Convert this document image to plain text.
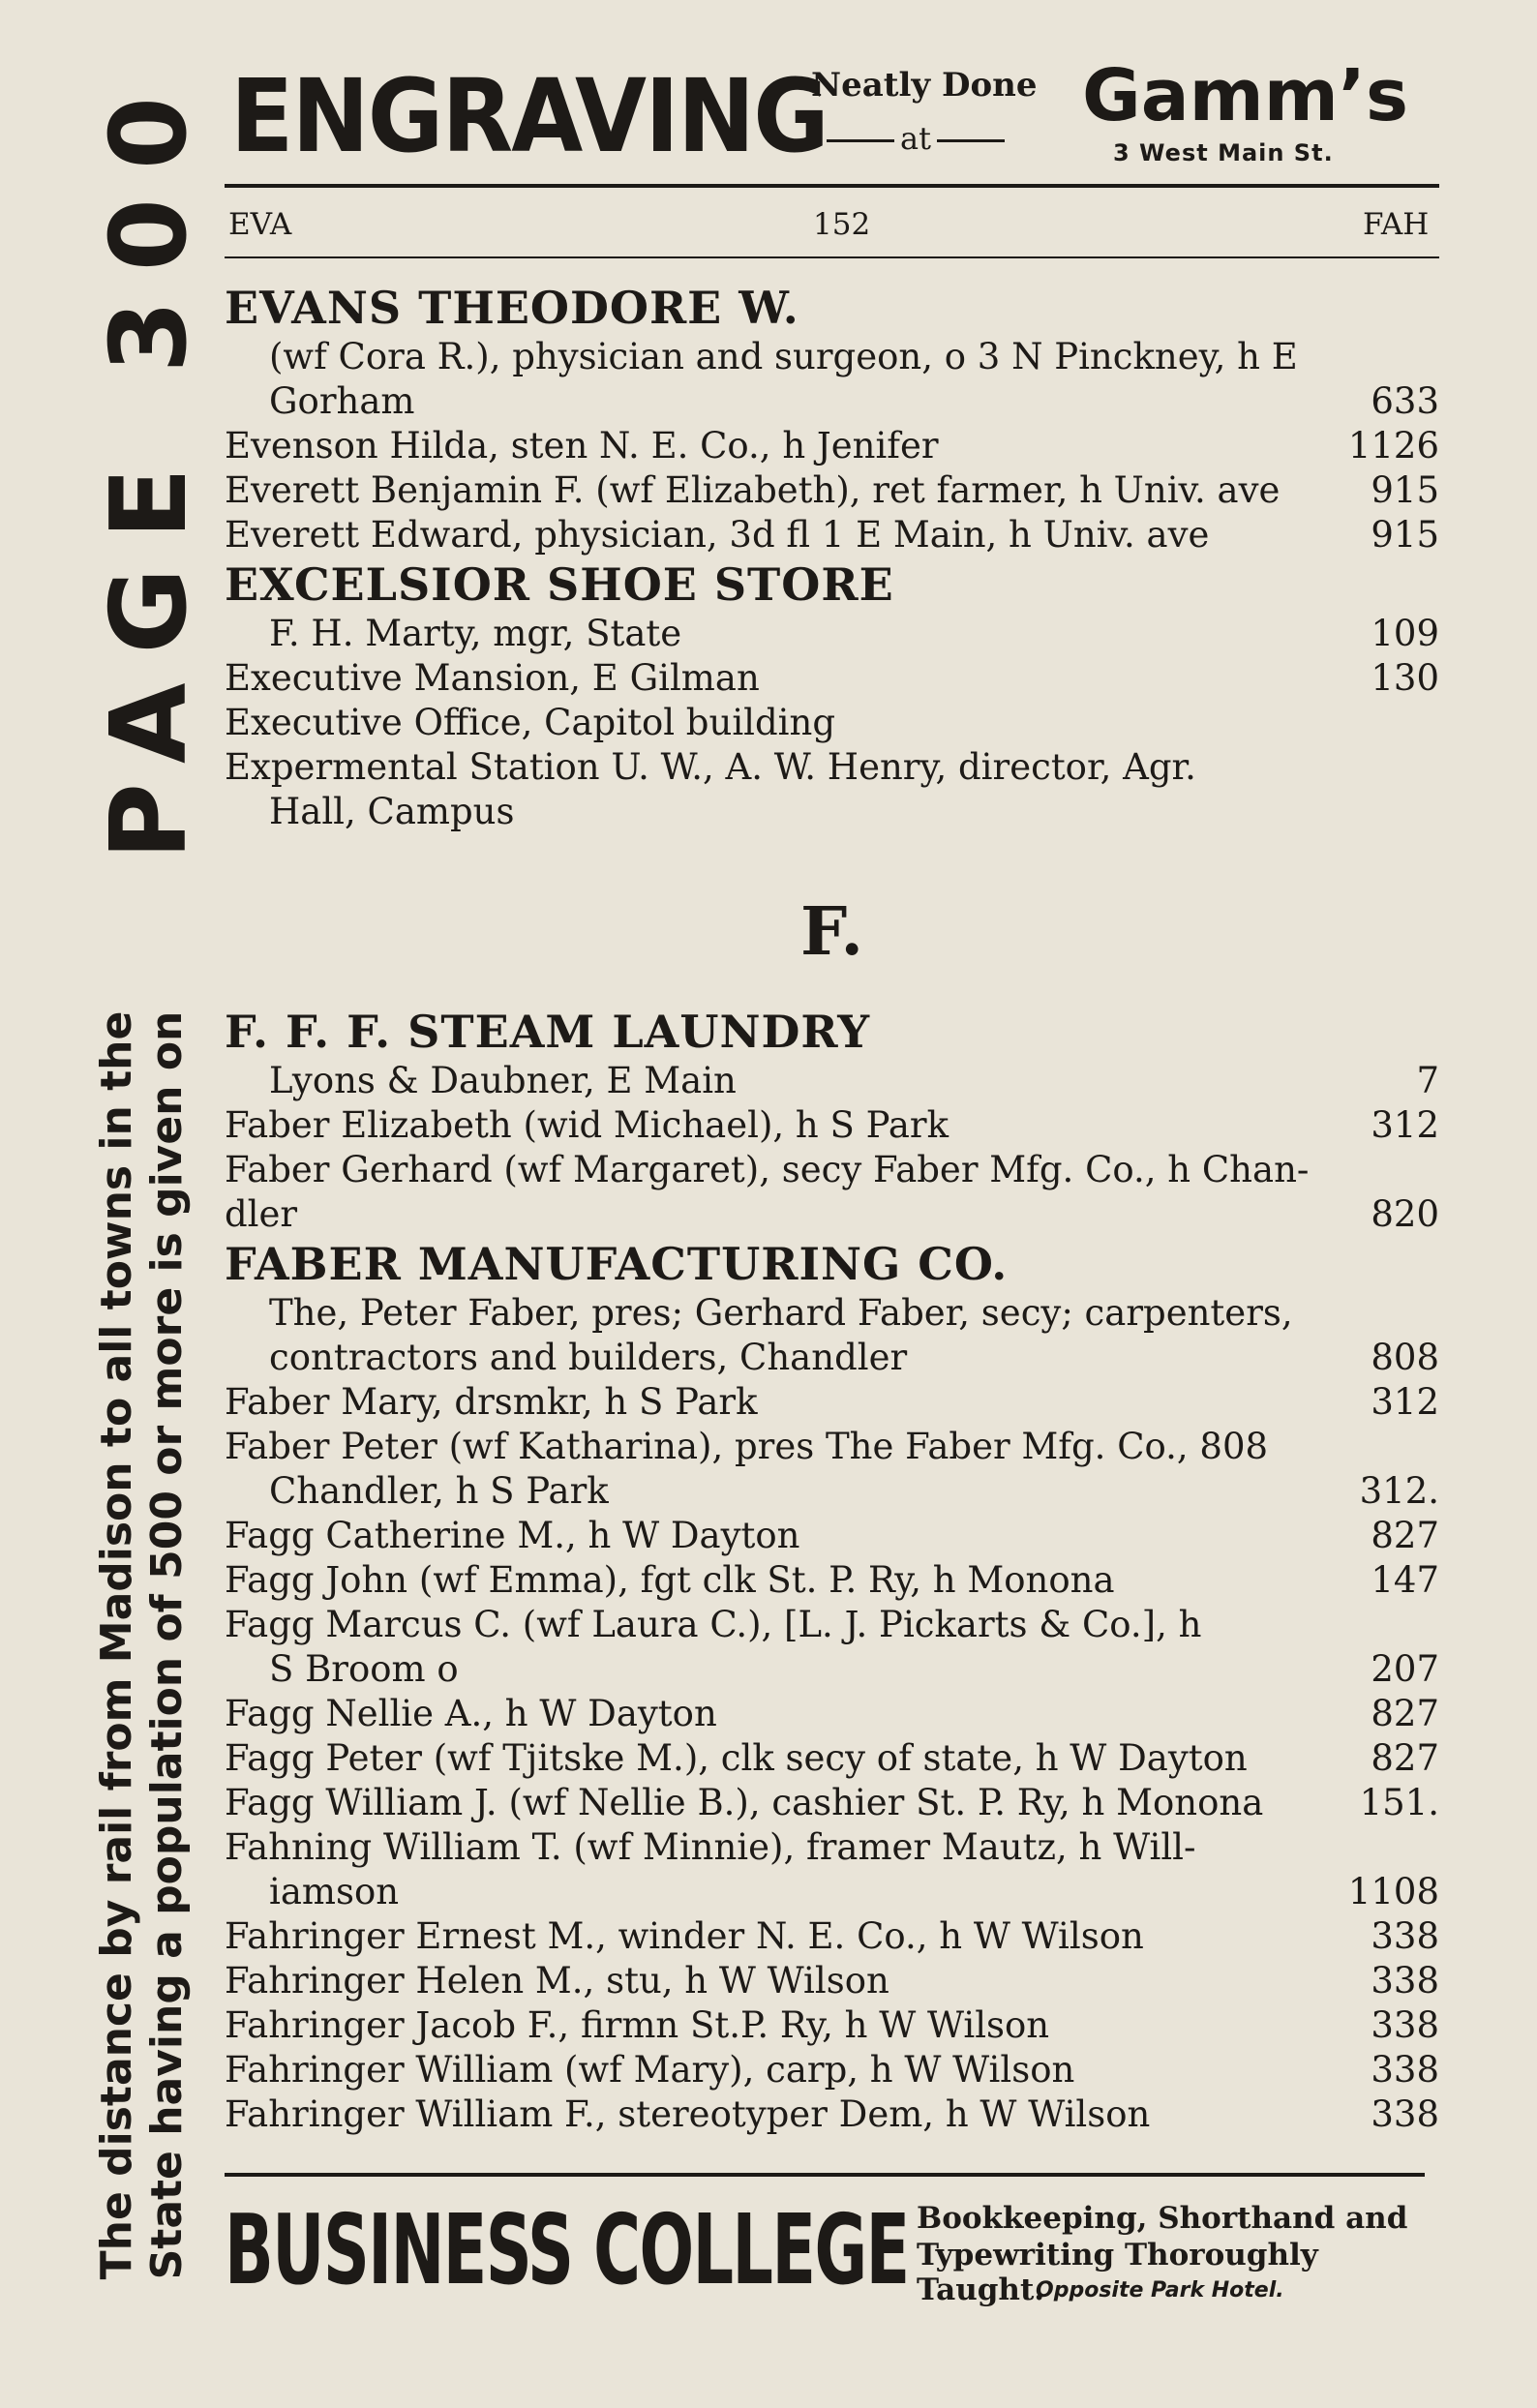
PAGE 300
The distance by rail from Madison to all towns in the State having a population of 500 or more is given on
ENGRAVING
Neatly Done
at
Gamm’s
3 West Main St.
EVA	152	FAH
EVANS THEODORE W.
(wf Cora R.), physician and surgeon, o 3 N Pinckney, h E
Gorham	633
Evenson Hilda, sten N. E. Co., h Jenifer	1126
Everett Benjamin F. (wf Elizabeth), ret farmer, h Univ. ave	915
Everett Edward, physician, 3d fl 1 E Main, h Univ. ave	915
EXCELSIOR SHOE STORE
F. H. Marty, mgr, State	109
Executive Mansion, E Gilman	130
Executive Office, Capitol building
Expermental Station U. W., A. W. Henry, director, Agr.
Hall, Campus
F.
F. F. F. STEAM LAUNDRY
Lyons & Daubner, E Main	7
Faber Elizabeth (wid Michael), h S Park	312
Faber Gerhard (wf Margaret), secy Faber Mfg. Co., h Chan-
dler	820
FABER MANUFACTURING CO.
The, Peter Faber, pres; Gerhard Faber, secy; carpenters,
contractors and builders, Chandler	808
Faber Mary, drsmkr, h S Park	312
Faber Peter (wf Katharina), pres The Faber Mfg. Co., 808
Chandler, h S Park	312.
Fagg Catherine M., h W Dayton	827
Fagg John (wf Emma), fgt clk St. P. Ry, h Monona	147
Fagg Marcus C. (wf Laura C.), [L. J. Pickarts & Co.], h
S Broom o	207
Fagg Nellie A., h W Dayton	827
Fagg Peter (wf Tjitske M.), clk secy of state, h W Dayton	827
Fagg William J. (wf Nellie B.), cashier St. P. Ry, h Monona	151.
Fahning William T. (wf Minnie), framer Mautz, h Will-
iamson	1108
Fahringer Ernest M., winder N. E. Co., h W Wilson	338
Fahringer Helen M., stu, h W Wilson	338
Fahringer Jacob F., firmn St.P. Ry, h W Wilson	338
Fahringer William (wf Mary), carp, h W Wilson	338
Fahringer William F., stereotyper Dem, h W Wilson	338
BUSINESS COLLEGE Bookkeeping, Shorthand and
Typewriting Thoroughly Taught.
Opposite Park Hotel.
